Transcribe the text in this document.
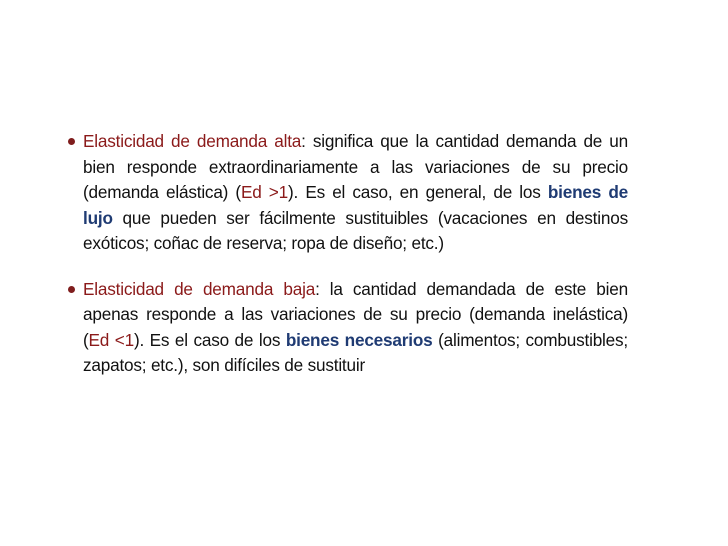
Elasticidad de demanda alta: significa que la cantidad demanda de un bien responde extraordinariamente a las variaciones de su precio (demanda elástica) (Ed >1). Es el caso, en general, de los bienes de lujo que pueden ser fácilmente sustituibles (vacaciones en destinos exóticos; coñac de reserva; ropa de diseño; etc.)

Elasticidad de demanda baja: la cantidad demandada de este bien apenas responde a las variaciones de su precio (demanda inelástica) (Ed <1). Es el caso de los bienes necesarios (alimentos; combustibles; zapatos; etc.), son difíciles de sustituir
